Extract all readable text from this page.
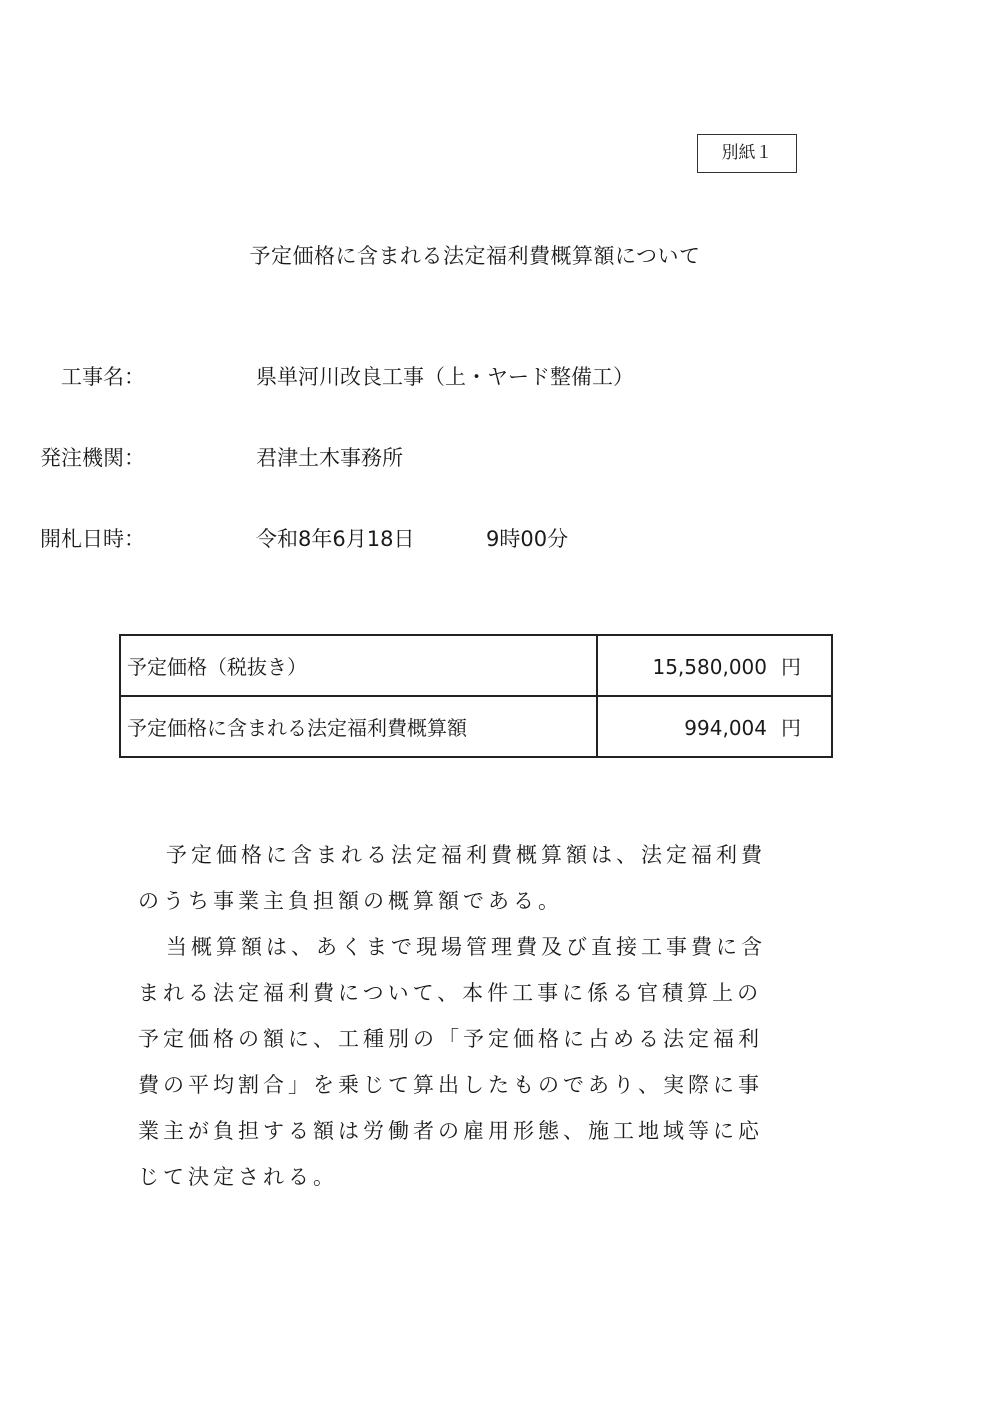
別紙１
予定価格に含まれる法定福利費概算額について
工事名：	県単河川改良工事（上・ヤード整備工）
発注機関：	君津土木事務所
開札日時：	令和8年6月18日	9時00分
予定価格（税抜き）	15,580,000 円
予定価格に含まれる法定福利費概算額	994,004 円

予定価格に含まれる法定福利費概算額は、法定福利費
のうち事業主負担額の概算額である。

当概算額は、あくまで現場管理費及び直接工事費に含
まれる法定福利費について、本件工事に係る官積算上の
予定価格の額に、工種別の「予定価格に占める法定福利
費の平均割合」を乗じて算出したものであり、実際に事
業主が負担する額は労働者の雇用形態、施工地域等に応
じて決定される。
